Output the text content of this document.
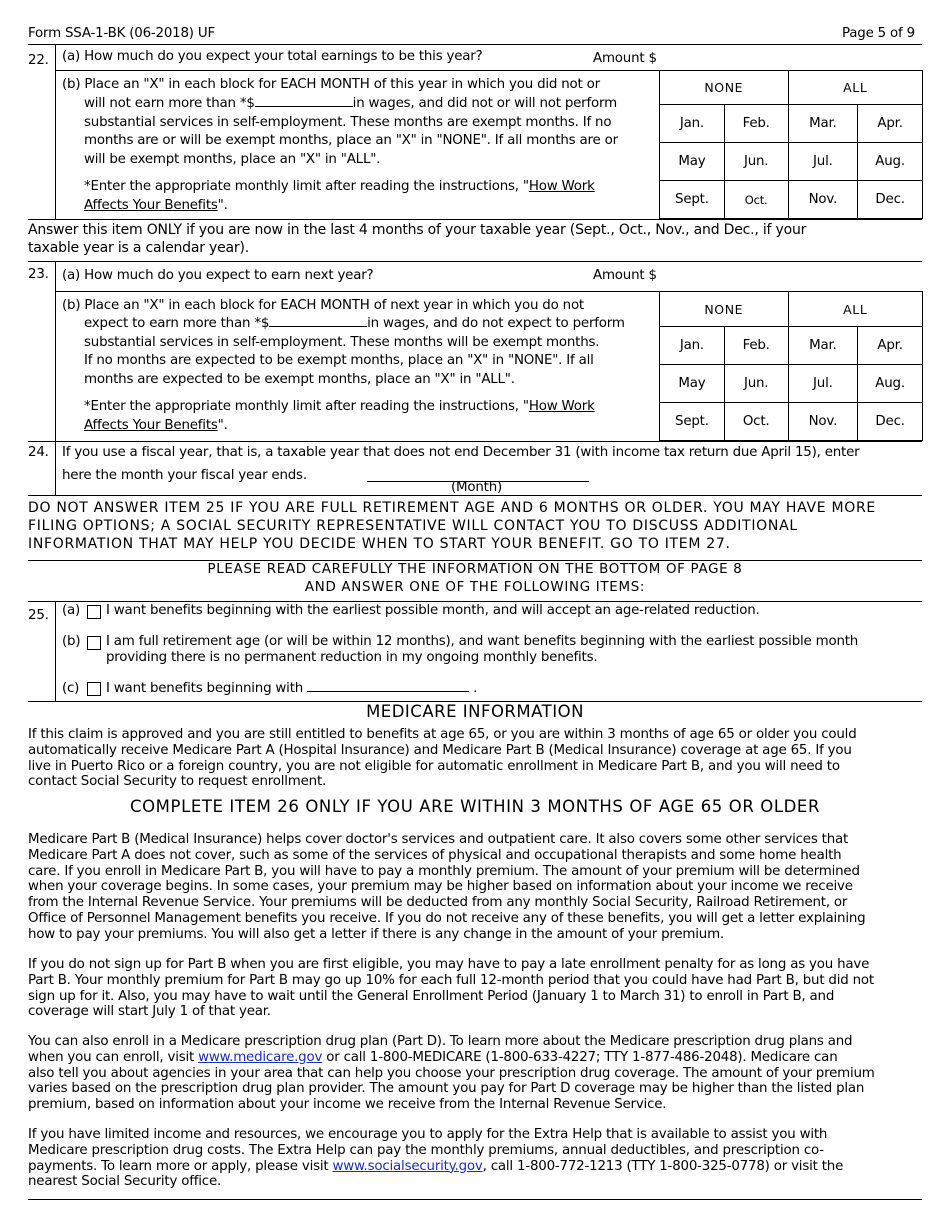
Form SSA-1-BK (06-2018) UF	Page 5 of 9
22. (a) How much do you expect your total earnings to be this year?	Amount $
(b) Place an "X" in each block for EACH MONTH of this year in which you did not or
will not earn more than *$	in wages, and did not or will not perform
substantial services in self-employment. These months are exempt months. If no
months are or will be exempt months, place an "X" in "NONE". If all months are or
will be exempt months, place an "X" in "ALL".
*Enter the appropriate monthly limit after reading the instructions, "How Work
Affects Your Benefits".
NONE		ALL	
Jan.	Feb.	Mar.	Apr.
May	Jun.	Jul.	Aug.
Sept.	Oct.	Nov.	Dec.
Answer this item ONLY if you are now in the last 4 months of your taxable year (Sept., Oct., Nov., and Dec., if your
taxable year is a calendar year).
23. (a) How much do you expect to earn next year?	Amount $
(b) Place an "X" in each block for EACH MONTH of next year in which you do not
expect to earn more than *$	in wages, and do not expect to perform
substantial services in self-employment. These months will be exempt months.
If no months are expected to be exempt months, place an "X" in "NONE". If all
months are expected to be exempt months, place an "X" in "ALL".
*Enter the appropriate monthly limit after reading the instructions, "How Work
Affects Your Benefits".
NONE		ALL	
Jan.	Feb.	Mar.	Apr.
May	Jun.	Jul.	Aug.
Sept.	Oct.	Nov.	Dec.
24. If you use a fiscal year, that is, a taxable year that does not end December 31 (with income tax return due April 15), enter
here the month your fiscal year ends.
(Month)
DO NOT ANSWER ITEM 25 IF YOU ARE FULL RETIREMENT AGE AND 6 MONTHS OR OLDER. YOU MAY HAVE MORE
FILING OPTIONS; A SOCIAL SECURITY REPRESENTATIVE WILL CONTACT YOU TO DISCUSS ADDITIONAL
INFORMATION THAT MAY HELP YOU DECIDE WHEN TO START YOUR BENEFIT. GO TO ITEM 27.
PLEASE READ CAREFULLY THE INFORMATION ON THE BOTTOM OF PAGE 8
AND ANSWER ONE OF THE FOLLOWING ITEMS:
25. (a) I want benefits beginning with the earliest possible month, and will accept an age-related reduction.
(b) I am full retirement age (or will be within 12 months), and want benefits beginning with the earliest possible month
providing there is no permanent reduction in my ongoing monthly benefits.
(c) I want benefits beginning with	.
MEDICARE INFORMATION
If this claim is approved and you are still entitled to benefits at age 65, or you are within 3 months of age 65 or older you could
automatically receive Medicare Part A (Hospital Insurance) and Medicare Part B (Medical Insurance) coverage at age 65. If you
live in Puerto Rico or a foreign country, you are not eligible for automatic enrollment in Medicare Part B, and you will need to
contact Social Security to request enrollment.
COMPLETE ITEM 26 ONLY IF YOU ARE WITHIN 3 MONTHS OF AGE 65 OR OLDER
Medicare Part B (Medical Insurance) helps cover doctor's services and outpatient care. It also covers some other services that
Medicare Part A does not cover, such as some of the services of physical and occupational therapists and some home health
care. If you enroll in Medicare Part B, you will have to pay a monthly premium. The amount of your premium will be determined
when your coverage begins. In some cases, your premium may be higher based on information about your income we receive
from the Internal Revenue Service. Your premiums will be deducted from any monthly Social Security, Railroad Retirement, or
Office of Personnel Management benefits you receive. If you do not receive any of these benefits, you will get a letter explaining
how to pay your premiums. You will also get a letter if there is any change in the amount of your premium.
If you do not sign up for Part B when you are first eligible, you may have to pay a late enrollment penalty for as long as you have
Part B. Your monthly premium for Part B may go up 10% for each full 12-month period that you could have had Part B, but did not
sign up for it. Also, you may have to wait until the General Enrollment Period (January 1 to March 31) to enroll in Part B, and
coverage will start July 1 of that year.
You can also enroll in a Medicare prescription drug plan (Part D). To learn more about the Medicare prescription drug plans and
when you can enroll, visit www.medicare.gov or call 1-800-MEDICARE (1-800-633-4227; TTY 1-877-486-2048). Medicare can
also tell you about agencies in your area that can help you choose your prescription drug coverage. The amount of your premium
varies based on the prescription drug plan provider. The amount you pay for Part D coverage may be higher than the listed plan
premium, based on information about your income we receive from the Internal Revenue Service.
If you have limited income and resources, we encourage you to apply for the Extra Help that is available to assist you with
Medicare prescription drug costs. The Extra Help can pay the monthly premiums, annual deductibles, and prescription co-
payments. To learn more or apply, please visit www.socialsecurity.gov, call 1-800-772-1213 (TTY 1-800-325-0778) or visit the
nearest Social Security office.
